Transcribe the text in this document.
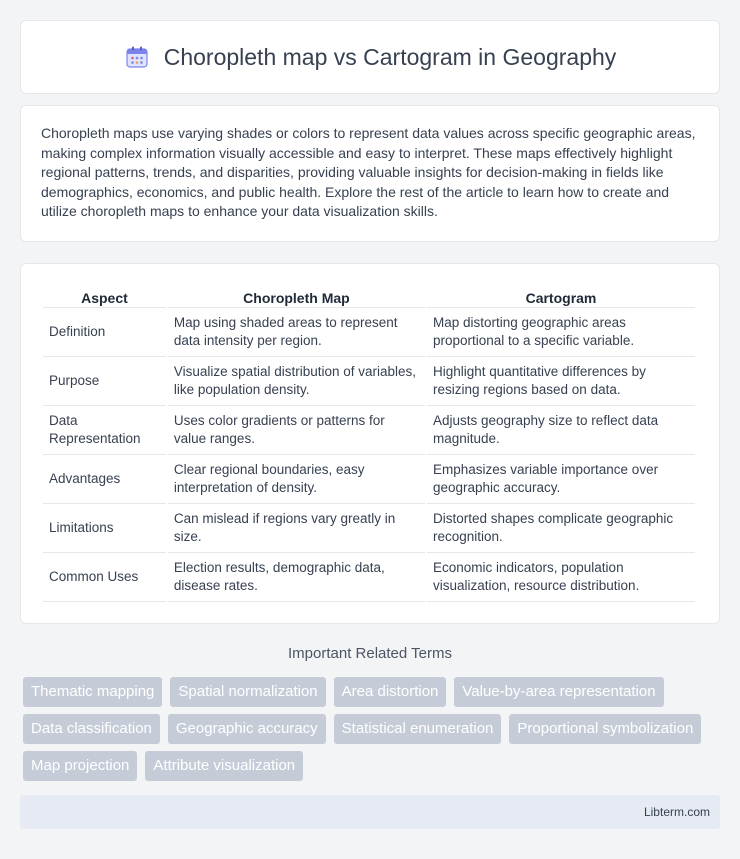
Choropleth map vs Cartogram in Geography

Choropleth maps use varying shades or colors to represent data values across specific geographic areas, making complex information visually accessible and easy to interpret. These maps effectively highlight regional patterns, trends, and disparities, providing valuable insights for decision-making in fields like demographics, economics, and public health. Explore the rest of the article to learn how to create and utilize choropleth maps to enhance your data visualization skills.

Aspect	Choropleth Map	Cartogram
Definition	Map using shaded areas to represent data intensity per region.	Map distorting geographic areas proportional to a specific variable.
Purpose	Visualize spatial distribution of variables, like population density.	Highlight quantitative differences by resizing regions based on data.
Data Representation	Uses color gradients or patterns for value ranges.	Adjusts geography size to reflect data magnitude.
Advantages	Clear regional boundaries, easy interpretation of density.	Emphasizes variable importance over geographic accuracy.
Limitations	Can mislead if regions vary greatly in size.	Distorted shapes complicate geographic recognition.
Common Uses	Election results, demographic data, disease rates.	Economic indicators, population visualization, resource distribution.
Important Related Terms
Thematic mapping	Spatial normalization	Area distortion	Value-by-area representation
Data classification	Geographic accuracy	Statistical enumeration	Proportional symbolization
Map projection	Attribute visualization
Libterm.com
